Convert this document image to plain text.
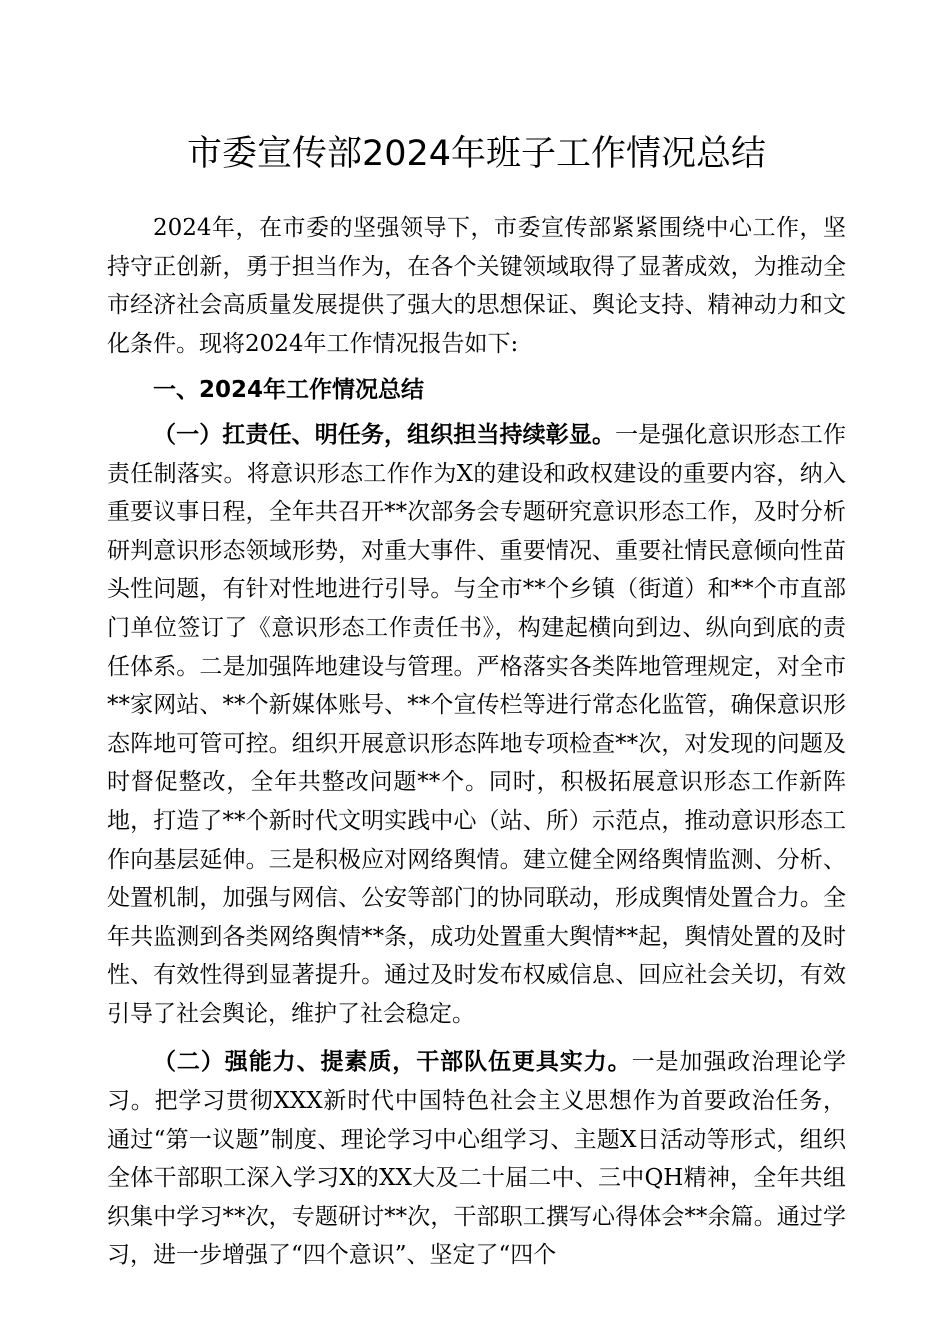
市委宣传部2024年班子工作情况总结

2024年，在市委的坚强领导下，市委宣传部紧紧围绕中心工作，坚持守正创新，勇于担当作为，在各个关键领域取得了显著成效，为推动全市经济社会高质量发展提供了强大的思想保证、舆论支持、精神动力和文化条件。现将2024年工作情况报告如下:

一、2024年工作情况总结

（一）扛责任、明任务，组织担当持续彰显。一是强化意识形态工作责任制落实。将意识形态工作作为X的建设和政权建设的重要内容，纳入重要议事日程，全年共召开**次部务会专题研究意识形态工作，及时分析研判意识形态领域形势，对重大事件、重要情况、重要社情民意倾向性苗头性问题，有针对性地进行引导。与全市**个乡镇（街道）和**个市直部门单位签订了《意识形态工作责任书》，构建起横向到边、纵向到底的责任体系。二是加强阵地建设与管理。严格落实各类阵地管理规定，对全市**家网站、**个新媒体账号、**个宣传栏等进行常态化监管，确保意识形态阵地可管可控。组织开展意识形态阵地专项检查**次，对发现的问题及时督促整改，全年共整改问题**个。同时，积极拓展意识形态工作新阵地，打造了**个新时代文明实践中心（站、所）示范点，推动意识形态工作向基层延伸。三是积极应对网络舆情。建立健全网络舆情监测、分析、处置机制，加强与网信、公安等部门的协同联动，形成舆情处置合力。全年共监测到各类网络舆情**条，成功处置重大舆情**起，舆情处置的及时性、有效性得到显著提升。通过及时发布权威信息、回应社会关切，有效引导了社会舆论，维护了社会稳定。

（二）强能力、提素质，干部队伍更具实力。一是加强政治理论学习。把学习贯彻XXX新时代中国特色社会主义思想作为首要政治任务，通过“第一议题”制度、理论学习中心组学习、主题X日活动等形式，组织全体干部职工深入学习X的XX大及二十届二中、三中QH精神，全年共组织集中学习**次，专题研讨**次，干部职工撰写心得体会**余篇。通过学习，进一步增强了“四个意识”、坚定了“四个
